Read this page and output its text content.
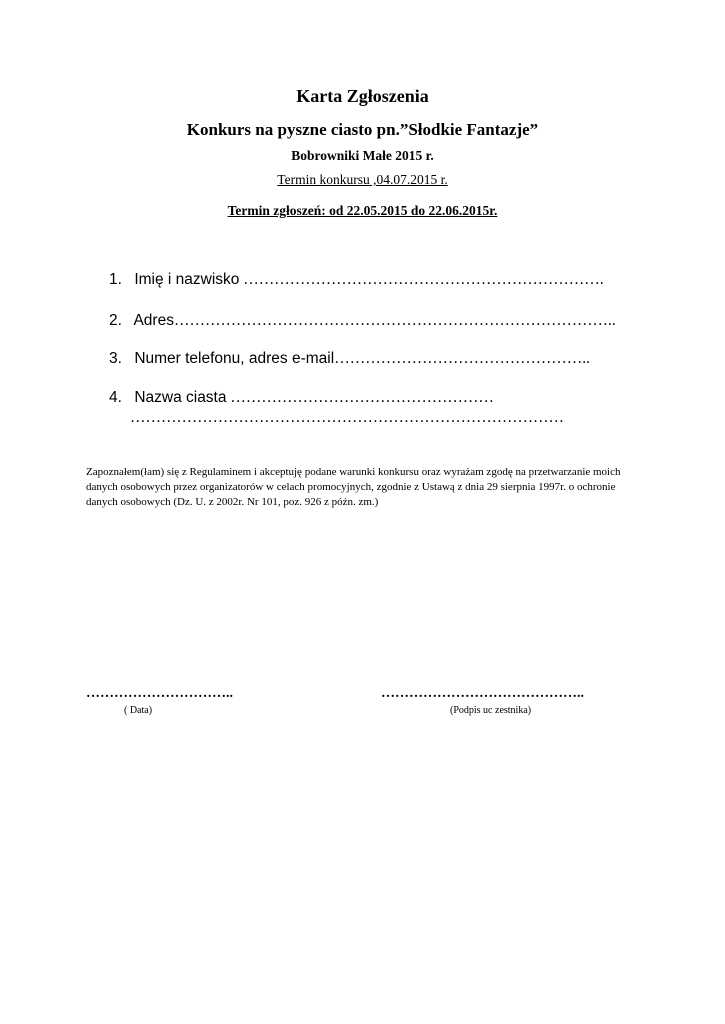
Karta Zgłoszenia
Konkurs na pyszne ciasto pn.”Słodkie Fantazje”
Bobrowniki Małe 2015 r.
Termin konkursu ,04.07.2015 r.
Termin zgłoszeń: od 22.05.2015 do 22.06.2015r.
1. Imię i nazwisko …………………………………………………………….
2. Adres…………………………………………………………………………..
3. Numer telefonu, adres e-mail…………………………………………..
4. Nazwa ciasta ……………………………………………
…………………………………………………………………………
Zapoznałem(łam) się z Regulaminem i akceptuję podane warunki konkursu oraz wyrażam zgodę na przetwarzanie moich danych osobowych przez organizatorów w celach promocyjnych, zgodnie z Ustawą z dnia 29 sierpnia 1997r. o ochronie danych osobowych (Dz. U. z 2002r. Nr 101, poz. 926 z późn. zm.)
…………………………..	……………………………………..
( Data)	(Podpis uc zestnika)
